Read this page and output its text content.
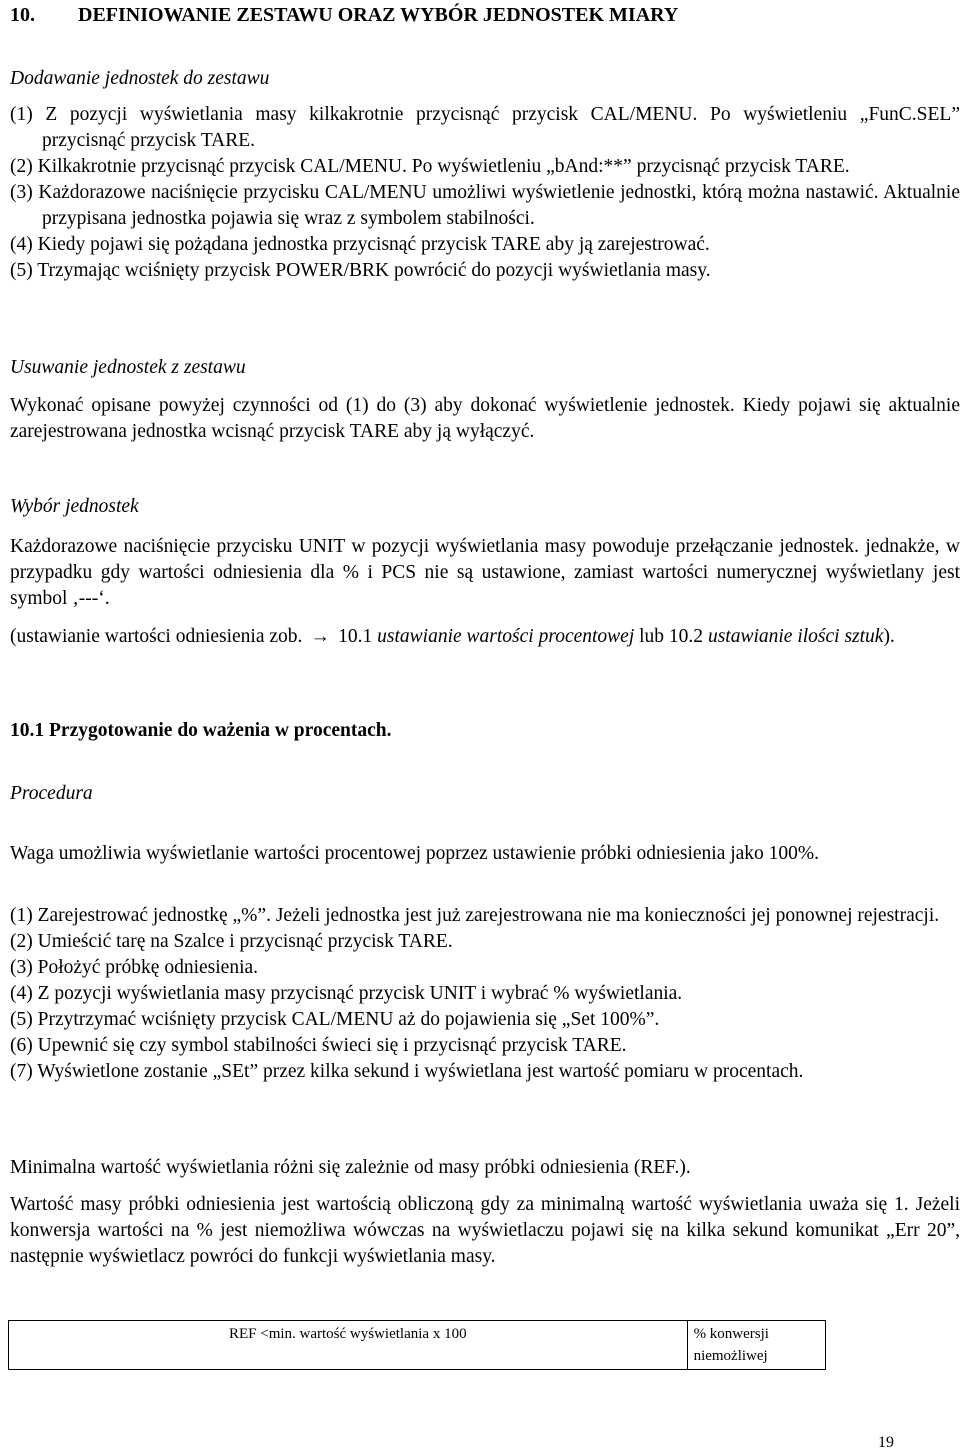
10. DEFINIOWANIE ZESTAWU ORAZ WYBÓR JEDNOSTEK MIARY
Dodawanie jednostek do zestawu
(1) Z pozycji wyświetlania masy kilkakrotnie przycisnąć przycisk CAL/MENU. Po wyświetleniu „FunC.SEL” przycisnąć przycisk TARE.
(2) Kilkakrotnie przycisnąć przycisk CAL/MENU. Po wyświetleniu „bAnd:**” przycisnąć przycisk TARE.
(3) Każdorazowe naciśnięcie przycisku CAL/MENU umożliwi wyświetlenie jednostki, którą można nastawić. Aktualnie przypisana jednostka pojawia się wraz z symbolem stabilności.
(4) Kiedy pojawi się pożądana jednostka przycisnąć przycisk TARE aby ją zarejestrować.
(5) Trzymając wciśnięty przycisk POWER/BRK powrócić do pozycji wyświetlania masy.
Usuwanie jednostek z zestawu
Wykonać opisane powyżej czynności od (1) do (3) aby dokonać wyświetlenie jednostek. Kiedy pojawi się aktualnie zarejestrowana jednostka wcisnąć przycisk TARE aby ją wyłączyć.
Wybór jednostek
Każdorazowe naciśnięcie przycisku UNIT w pozycji wyświetlania masy powoduje przełączanie jednostek. jednakże, w przypadku gdy wartości odniesienia dla % i PCS nie są ustawione, zamiast wartości numerycznej wyświetlany jest symbol ‚---‘.
(ustawianie wartości odniesienia zob. → 10.1 ustawianie wartości procentowej lub 10.2 ustawianie ilości sztuk).
10.1 Przygotowanie do ważenia w procentach.
Procedura
Waga umożliwia wyświetlanie wartości procentowej poprzez ustawienie próbki odniesienia jako 100%.
(1) Zarejestrować jednostkę „%”. Jeżeli jednostka jest już zarejestrowana nie ma konieczności jej ponownej rejestracji.
(2) Umieścić tarę na Szalce i przycisnąć przycisk TARE.
(3) Położyć próbkę odniesienia.
(4) Z pozycji wyświetlania masy przycisnąć przycisk UNIT i wybrać % wyświetlania.
(5) Przytrzymać wciśnięty przycisk CAL/MENU aż do pojawienia się „Set 100%”.
(6) Upewnić się czy symbol stabilności świeci się i przycisnąć przycisk TARE.
(7) Wyświetlone zostanie „SEt” przez kilka sekund i wyświetlana jest wartość pomiaru w procentach.
Minimalna wartość wyświetlania różni się zależnie od masy próbki odniesienia (REF.).
Wartość masy próbki odniesienia jest wartością obliczoną gdy za minimalną wartość wyświetlania uważa się 1. Jeżeli konwersja wartości na % jest niemożliwa wówczas na wyświetlaczu pojawi się na kilka sekund komunikat „Err 20”, następnie wyświetlacz powróci do funkcji wyświetlania masy.
REF <min. wartość wyświetlania x 100	% konwersji niemożliwej
19
